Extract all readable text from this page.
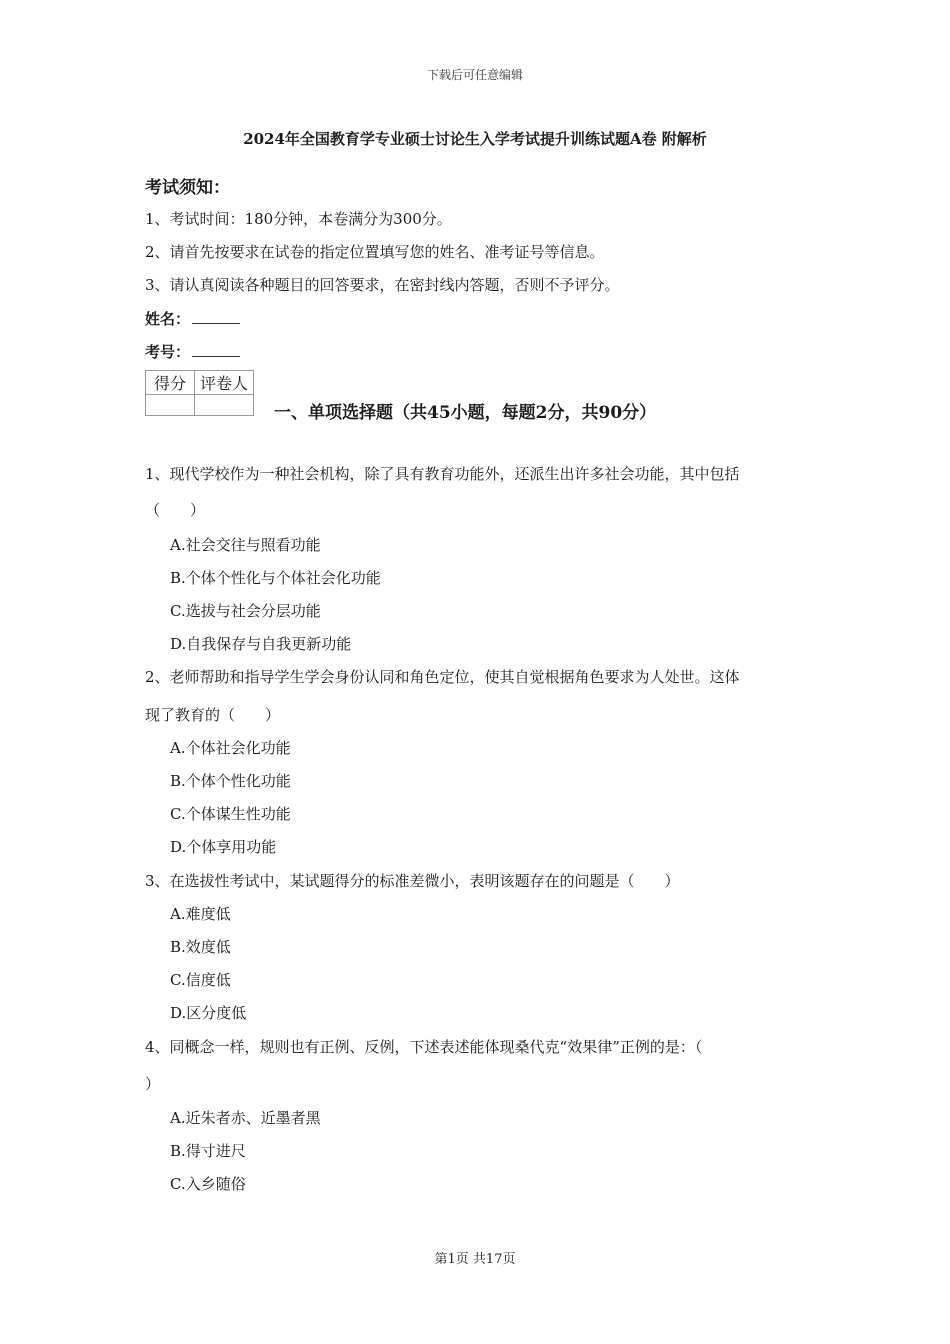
下载后可任意编辑
2024年全国教育学专业硕士讨论生入学考试提升训练试题A卷 附解析
考试须知：
1、考试时间：180分钟，本卷满分为300分。
2、请首先按要求在试卷的指定位置填写您的姓名、准考证号等信息。
3、请认真阅读各种题目的回答要求，在密封线内答题，否则不予评分。
姓名：
考号：
得分	评卷人

一、单项选择题（共45小题，每题2分，共90分）
1、现代学校作为一种社会机构，除了具有教育功能外，还派生出许多社会功能，其中包括
（　　）
A.社会交往与照看功能
B.个体个性化与个体社会化功能
C.选拔与社会分层功能
D.自我保存与自我更新功能
2、老师帮助和指导学生学会身份认同和角色定位，使其自觉根据角色要求为人处世。这体
现了教育的（　　）
A.个体社会化功能
B.个体个性化功能
C.个体谋生性功能
D.个体享用功能
3、在选拔性考试中，某试题得分的标准差微小，表明该题存在的问题是（　　）
A.难度低
B.效度低
C.信度低
D.区分度低
4、同概念一样，规则也有正例、反例，下述表述能体现桑代克“效果律”正例的是：（
）
A.近朱者赤、近墨者黑
B.得寸进尺
C.入乡随俗
第1页 共17页
